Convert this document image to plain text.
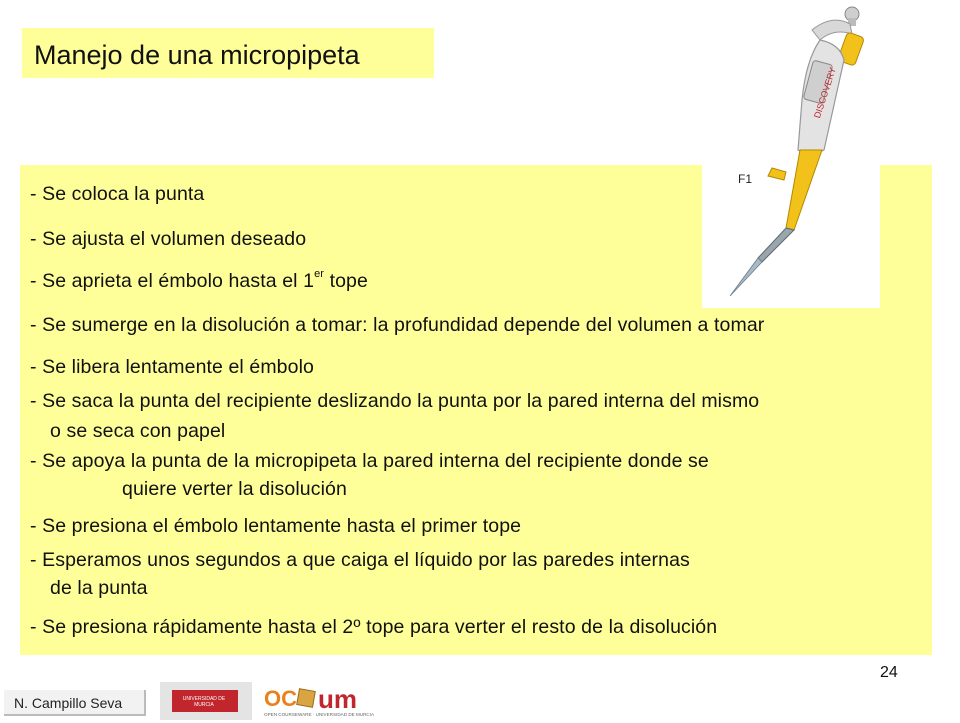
Manejo de una micropipeta
DISCOVERY
F1
- Se coloca la punta
- Se ajusta el volumen deseado
- Se aprieta el émbolo hasta el 1er tope
- Se sumerge en la disolución a tomar: la profundidad depende del volumen a tomar
- Se libera lentamente el émbolo
- Se saca la punta del recipiente deslizando la punta por la pared interna del mismo
o se seca con papel
- Se apoya la punta de la micropipeta la pared interna del recipiente donde se
quiere verter la disolución
- Se presiona el émbolo lentamente hasta el primer tope
- Esperamos unos segundos a que caiga el líquido por las paredes internas
de la punta
- Se presiona rápidamente hasta el 2º tope para verter el resto de la disolución
24
N. Campillo Seva	UNIVERSIDAD DE MURCIA	OC um
OPEN COURSEWARE · UNIVERSIDAD DE MURCIA
